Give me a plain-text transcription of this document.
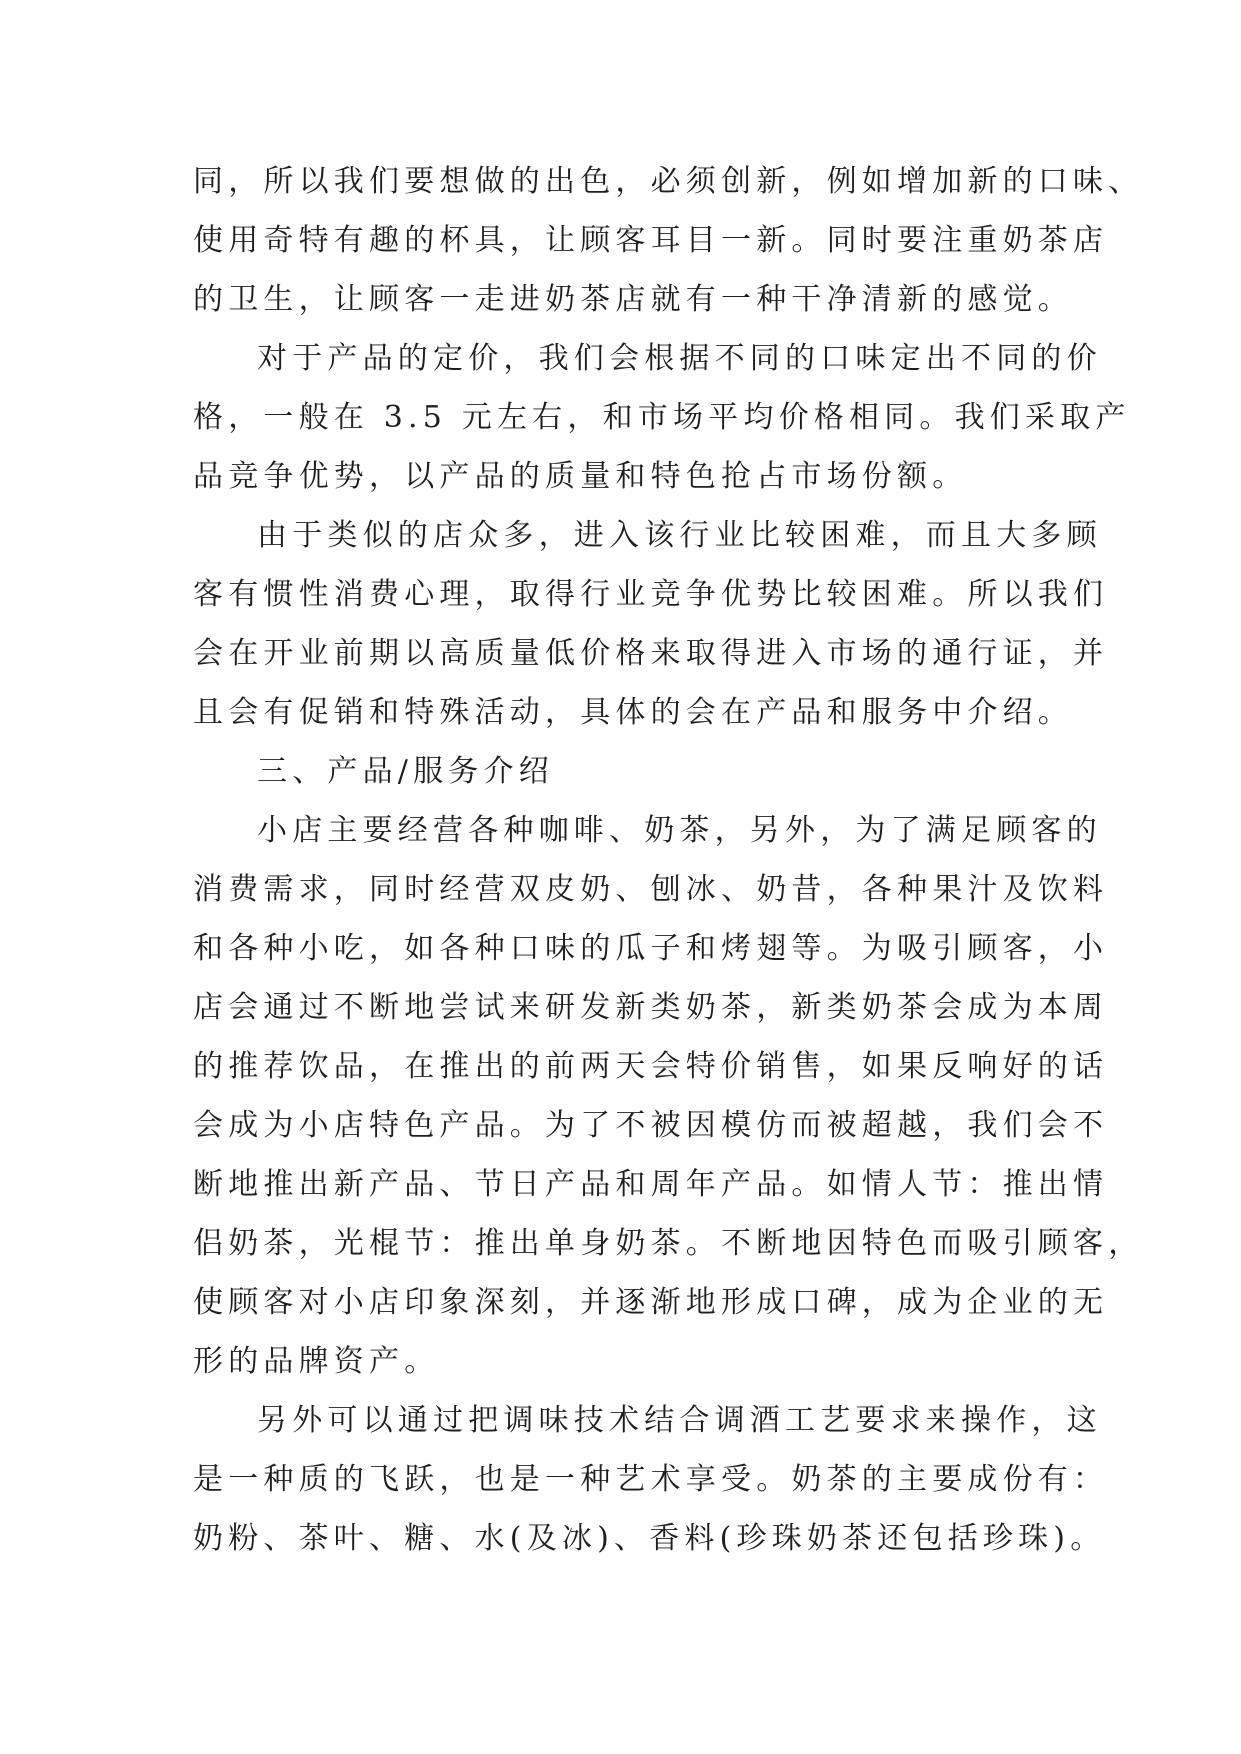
同，所以我们要想做的出色，必须创新，例如增加新的口味、
使用奇特有趣的杯具，让顾客耳目一新。同时要注重奶茶店
的卫生，让顾客一走进奶茶店就有一种干净清新的感觉。
对于产品的定价，我们会根据不同的口味定出不同的价
格，一般在 3.5 元左右，和市场平均价格相同。我们采取产
品竞争优势，以产品的质量和特色抢占市场份额。
由于类似的店众多，进入该行业比较困难，而且大多顾
客有惯性消费心理，取得行业竞争优势比较困难。所以我们
会在开业前期以高质量低价格来取得进入市场的通行证，并
且会有促销和特殊活动，具体的会在产品和服务中介绍。
三、产品/服务介绍
小店主要经营各种咖啡、奶茶，另外，为了满足顾客的
消费需求，同时经营双皮奶、刨冰、奶昔，各种果汁及饮料
和各种小吃，如各种口味的瓜子和烤翅等。为吸引顾客，小
店会通过不断地尝试来研发新类奶茶，新类奶茶会成为本周
的推荐饮品，在推出的前两天会特价销售，如果反响好的话
会成为小店特色产品。为了不被因模仿而被超越，我们会不
断地推出新产品、节日产品和周年产品。如情人节：推出情
侣奶茶，光棍节：推出单身奶茶。不断地因特色而吸引顾客，
使顾客对小店印象深刻，并逐渐地形成口碑，成为企业的无
形的品牌资产。
另外可以通过把调味技术结合调酒工艺要求来操作，这
是一种质的飞跃，也是一种艺术享受。奶茶的主要成份有：
奶粉、茶叶、糖、水(及冰)、香料(珍珠奶茶还包括珍珠)。
